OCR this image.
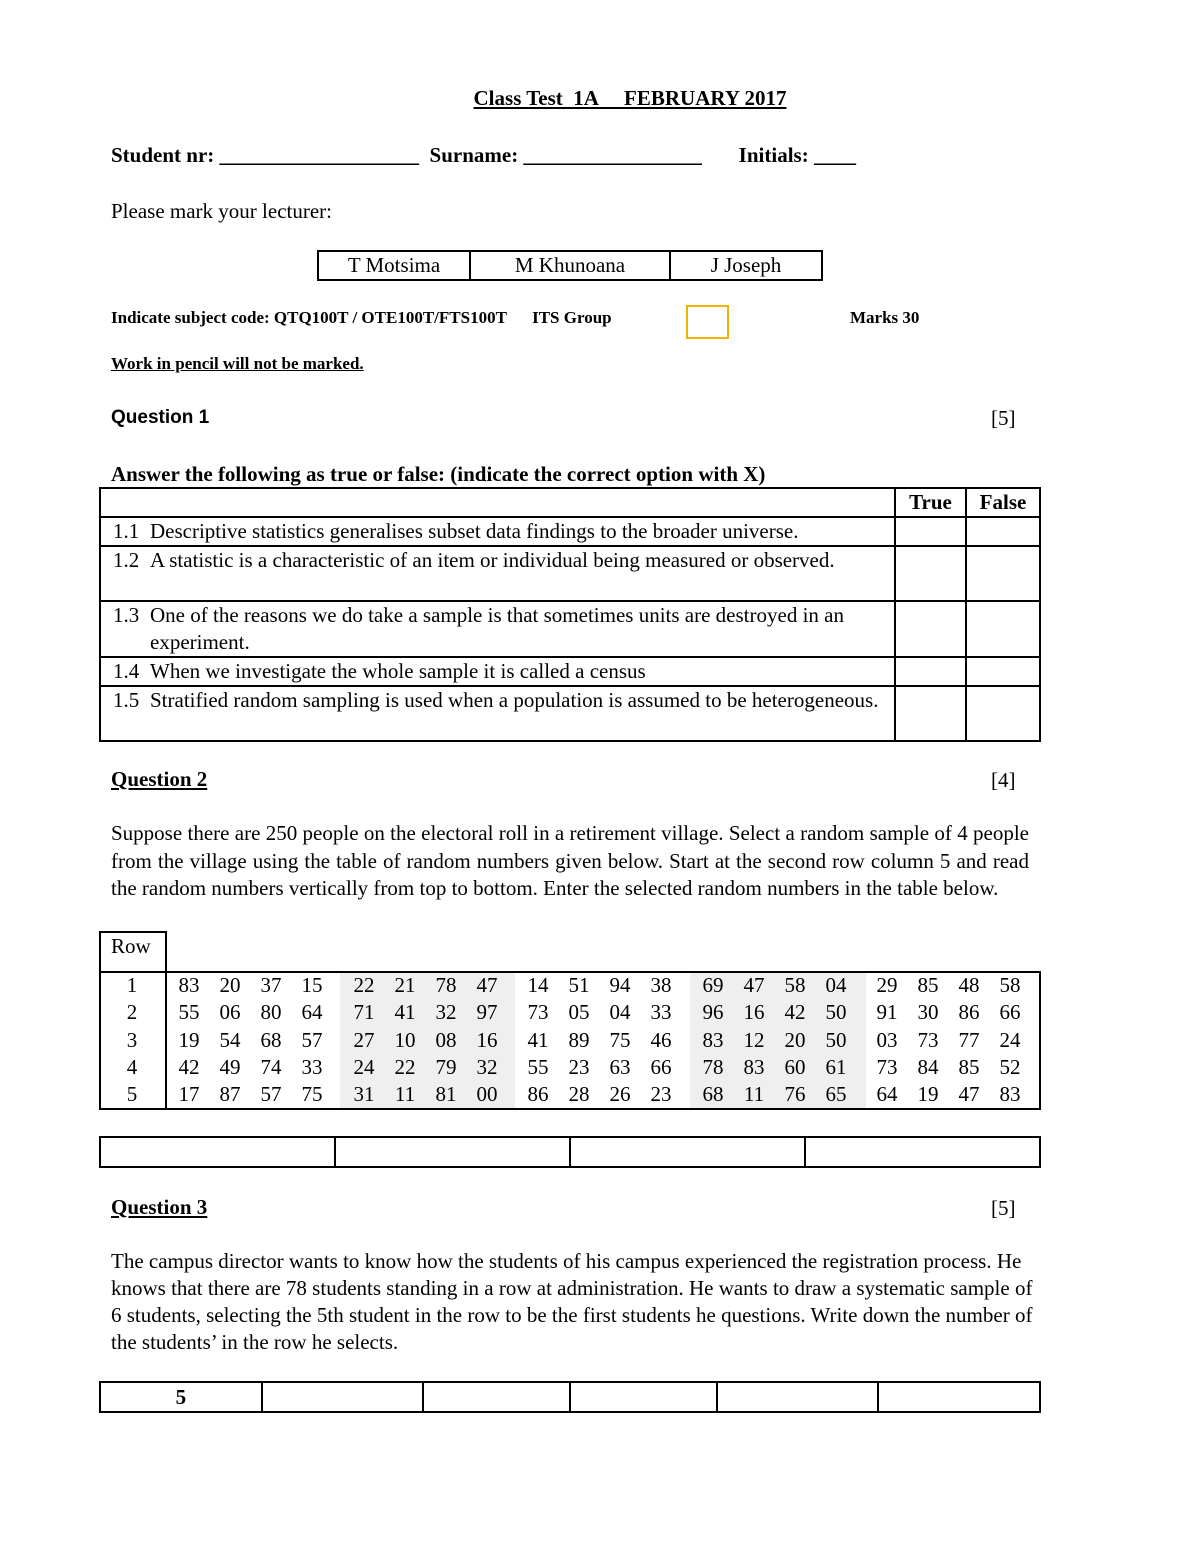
Class Test  1A     FEBRUARY 2017
Student nr: ___________________  Surname: _________________       Initials: ____
Please mark your lecturer:
T Motsima	M Khunoana	J Joseph
Indicate subject code: QTQ100T / OTE100T/FTS100T      ITS Group	Marks 30
Work in pencil will not be marked.
Question 1	[5]
Answer the following as true or false: (indicate the correct option with X)
		True	False
1.1	Descriptive statistics generalises subset data findings to the broader universe.		
1.2	A statistic is a characteristic of an item or individual being measured or observed.		
1.3	One of the reasons we do take a sample is that sometimes units are destroyed in an experiment.		
1.4	When we investigate the whole sample it is called a census		
1.5	Stratified random sampling is used when a population is assumed to be heterogeneous.		
Question 2	[4]
Suppose there are 250 people on the electoral roll in a retirement village. Select a random sample of 4 people from the village using the table of random numbers given below. Start at the second row column 5 and read the random numbers vertically from top to bottom. Enter the selected random numbers in the table below.
Row
1	83 20 37 15	22 21 78 47	14 51 94 38	69 47 58 04	29 85 48 58
2	55 06 80 64	71 41 32 97	73 05 04 33	96 16 42 50	91 30 86 66
3	19 54 68 57	27 10 08 16	41 89 75 46	83 12 20 50	03 73 77 24
4	42 49 74 33	24 22 79 32	55 23 63 66	78 83 60 61	73 84 85 52
5	17 87 57 75	31 11 81 00	86 28 26 23	68 11 76 65	64 19 47 83

Question 3	[5]
The campus director wants to know how the students of his campus experienced the registration process. He knows that there are 78 students standing in a row at administration. He wants to draw a systematic sample of 6 students, selecting the 5th student in the row to be the first students he questions. Write down the number of the students’ in the row he selects.
5					
